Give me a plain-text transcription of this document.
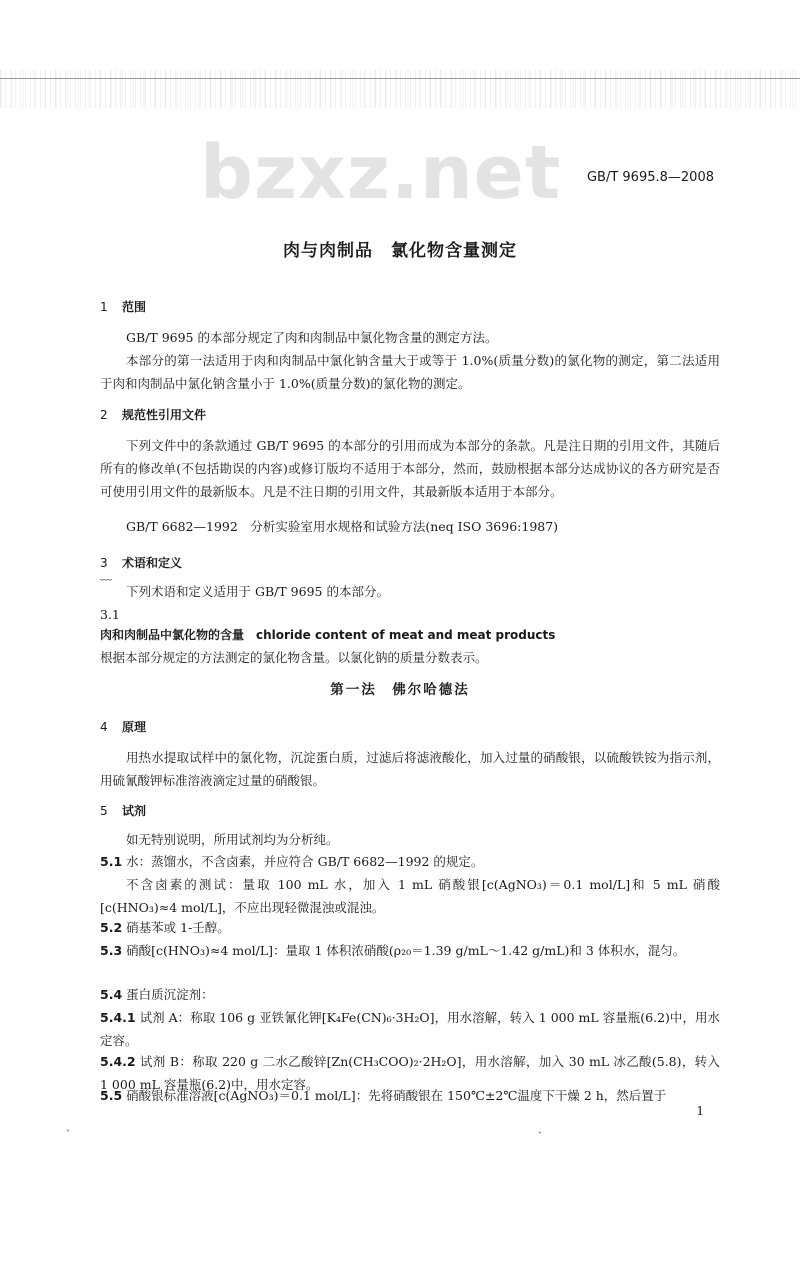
bzxz.net GB/T 9695.8—2008
肉与肉制品　氯化物含量测定
1 范围
GB/T 9695 的本部分规定了肉和肉制品中氯化物含量的测定方法。
本部分的第一法适用于肉和肉制品中氯化钠含量大于或等于 1.0%(质量分数)的氯化物的测定，第二法适用于肉和肉制品中氯化钠含量小于 1.0%(质量分数)的氯化物的测定。
2 规范性引用文件
下列文件中的条款通过 GB/T 9695 的本部分的引用而成为本部分的条款。凡是注日期的引用文件，其随后所有的修改单(不包括勘误的内容)或修订版均不适用于本部分，然而，鼓励根据本部分达成协议的各方研究是否可使用引用文件的最新版本。凡是不注日期的引用文件，其最新版本适用于本部分。
GB/T 6682—1992　分析实验室用水规格和试验方法(neq ISO 3696:1987)
3 术语和定义
﹏
下列术语和定义适用于 GB/T 9695 的本部分。
3.1
肉和肉制品中氯化物的含量　chloride content of meat and meat products
根据本部分规定的方法测定的氯化物含量。以氯化钠的质量分数表示。
第一法　佛尔哈德法
4 原理
用热水提取试样中的氯化物，沉淀蛋白质，过滤后将滤液酸化，加入过量的硝酸银，以硫酸铁铵为指示剂，用硫氰酸钾标准溶液滴定过量的硝酸银。
5 试剂
如无特别说明，所用试剂均为分析纯。
5.1 水：蒸馏水，不含卤素，并应符合 GB/T 6682—1992 的规定。
不含卤素的测试：量取 100 mL 水，加入 1 mL 硝酸银[c(AgNO₃)＝0.1 mol/L]和 5 mL 硝酸[c(HNO₃)≈4 mol/L]，不应出现轻微混浊或混浊。
5.2 硝基苯或 1-壬醇。
5.3 硝酸[c(HNO₃)≈4 mol/L]：量取 1 体积浓硝酸(ρ₂₀＝1.39 g/mL～1.42 g/mL)和 3 体积水，混匀。
5.4 蛋白质沉淀剂：
5.4.1 试剂 A：称取 106 g 亚铁氰化钾[K₄Fe(CN)₆·3H₂O]，用水溶解，转入 1 000 mL 容量瓶(6.2)中，用水定容。
5.4.2 试剂 B：称取 220 g 二水乙酸锌[Zn(CH₃COO)₂·2H₂O]，用水溶解，加入 30 mL 冰乙酸(5.8)，转入 1 000 mL 容量瓶(6.2)中，用水定容。
5.5 硝酸银标准溶液[c(AgNO₃)＝0.1 mol/L]：先将硝酸银在 150℃±2℃温度下干燥 2 h，然后置于
1
ˏ	ˏ
